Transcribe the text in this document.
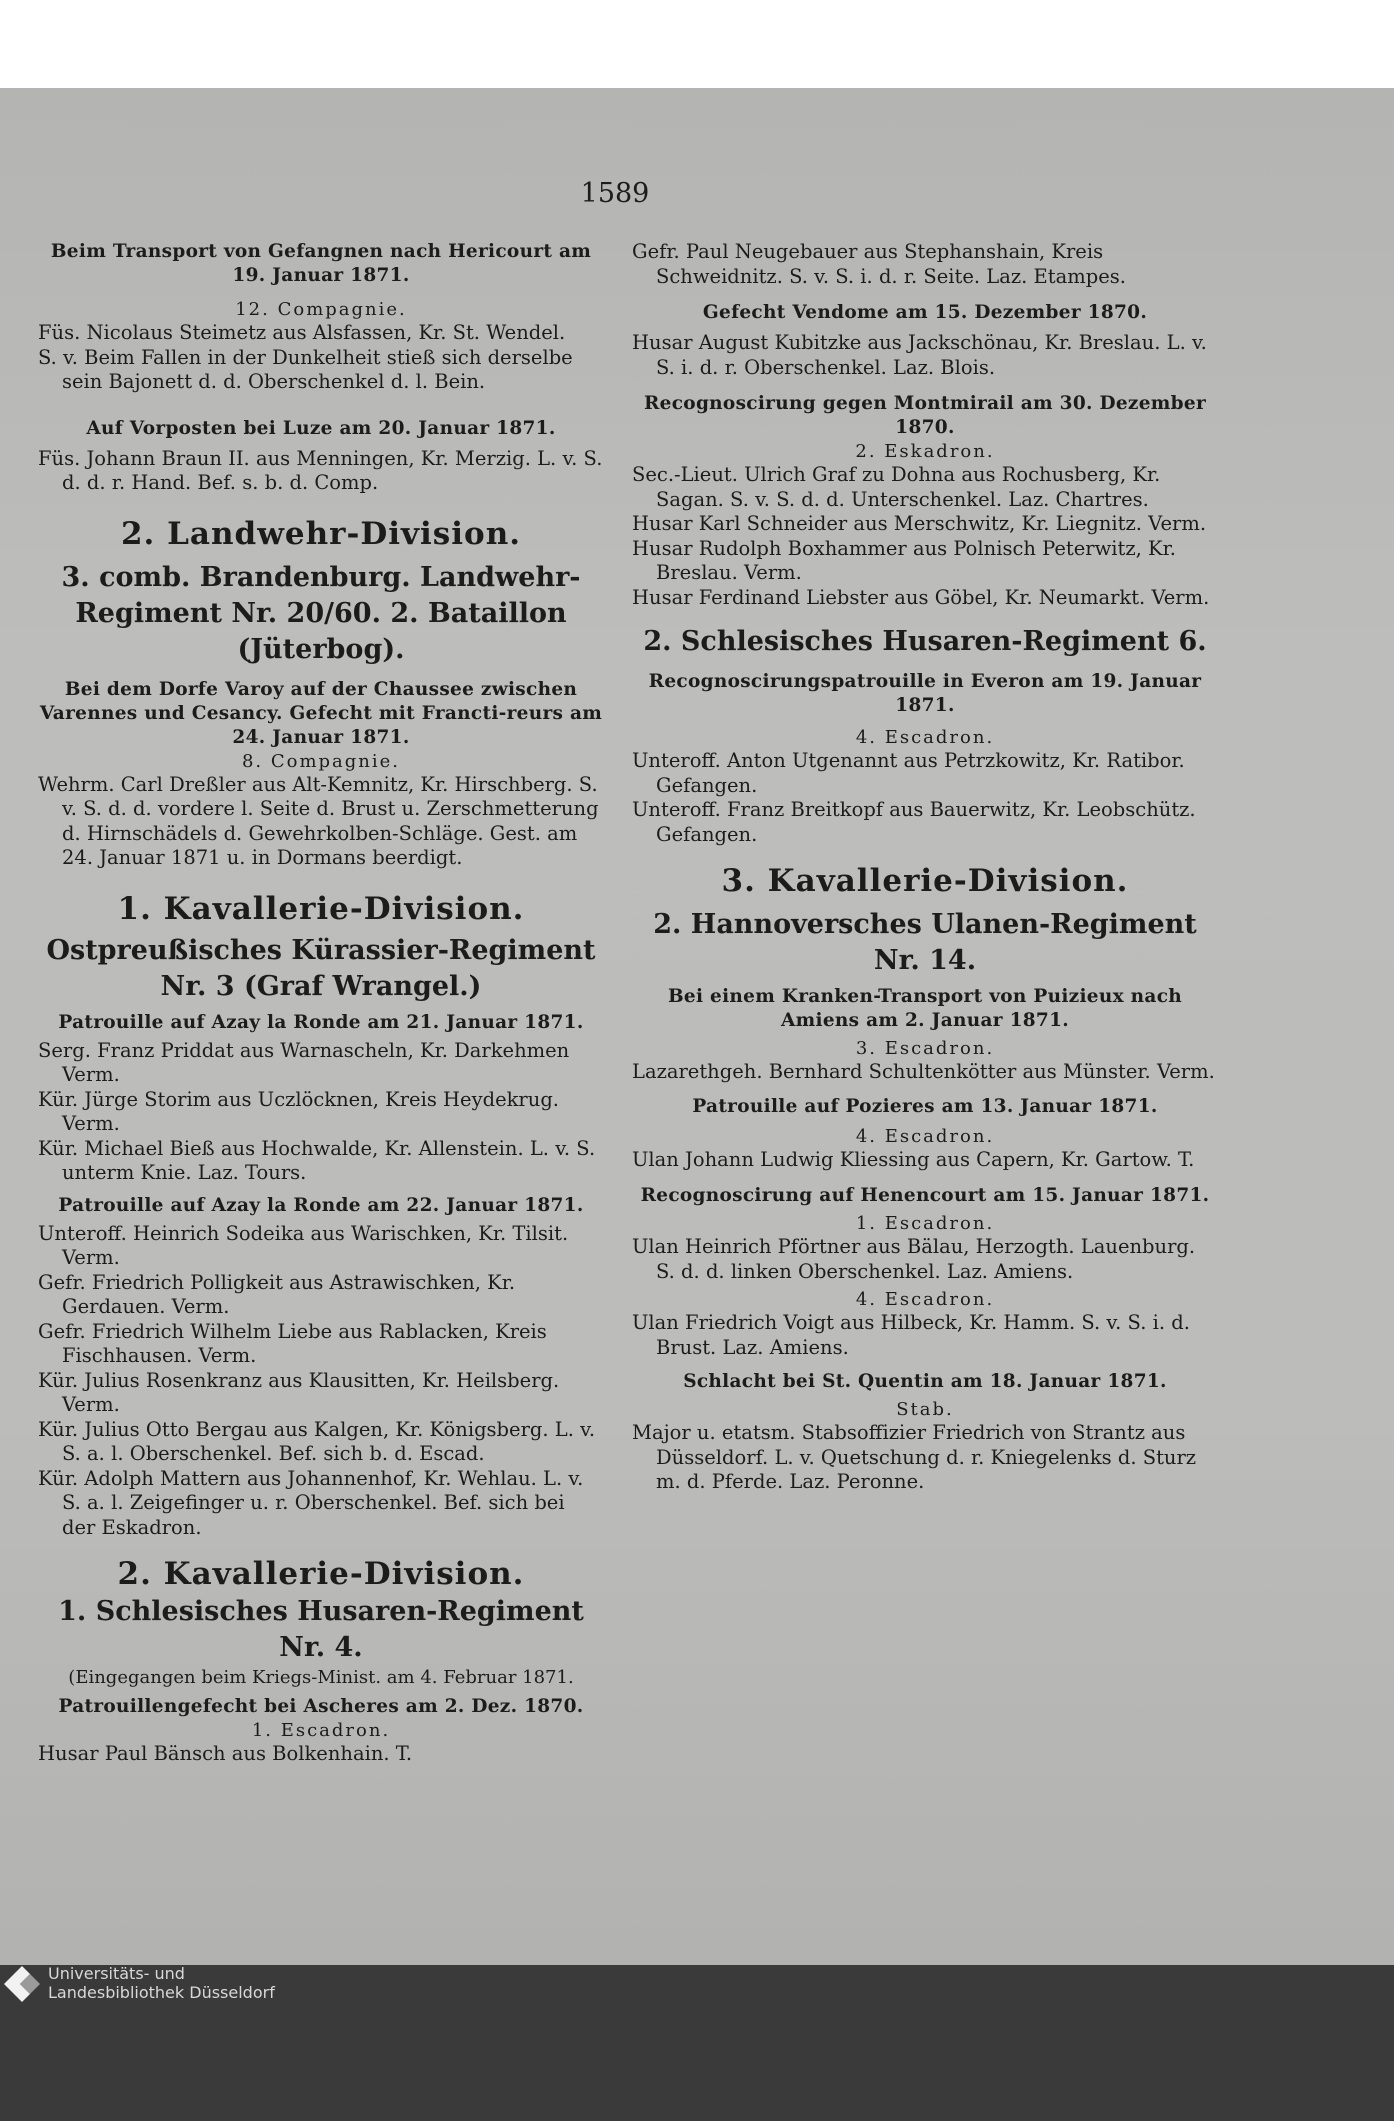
1589

Beim Transport von Gefangnen nach Hericourt am 19. Januar 1871.

12. Compagnie.

Füs. Nicolaus Steimetz aus Alsfassen, Kr. St. Wendel.

S. v. Beim Fallen in der Dunkelheit stieß sich derselbe sein Bajonett d. d. Oberschenkel d. l. Bein.

Auf Vorposten bei Luze am 20. Januar 1871.

Füs. Johann Braun II. aus Menningen, Kr. Merzig. L. v. S. d. d. r. Hand. Bef. s. b. d. Comp.

2. Landwehr-Division.

3. comb. Brandenburg. Landwehr-Regiment Nr. 20/60. 2. Bataillon (Jüterbog).

Bei dem Dorfe Varoy auf der Chaussee zwischen Varennes und Cesancy. Gefecht mit Francti-reurs am 24. Januar 1871.

8. Compagnie.

Wehrm. Carl Dreßler aus Alt-Kemnitz, Kr. Hirschberg. S. v. S. d. d. vordere l. Seite d. Brust u. Zerschmetterung d. Hirnschädels d. Gewehrkolben-Schläge. Gest. am 24. Januar 1871 u. in Dormans beerdigt.

1. Kavallerie-Division.

Ostpreußisches Kürassier-Regiment Nr. 3 (Graf Wrangel.)

Patrouille auf Azay la Ronde am 21. Januar 1871.

Serg. Franz Priddat aus Warnascheln, Kr. Darkehmen Verm.

Kür. Jürge Storim aus Uczlöcknen, Kreis Heydekrug. Verm.

Kür. Michael Bieß aus Hochwalde, Kr. Allenstein. L. v. S. unterm Knie. Laz. Tours.

Patrouille auf Azay la Ronde am 22. Januar 1871.

Unteroff. Heinrich Sodeika aus Warischken, Kr. Tilsit. Verm.

Gefr. Friedrich Polligkeit aus Astrawischken, Kr. Gerdauen. Verm.

Gefr. Friedrich Wilhelm Liebe aus Rablacken, Kreis Fischhausen. Verm.

Kür. Julius Rosenkranz aus Klausitten, Kr. Heilsberg. Verm.

Kür. Julius Otto Bergau aus Kalgen, Kr. Königsberg. L. v. S. a. l. Oberschenkel. Bef. sich b. d. Escad.

Kür. Adolph Mattern aus Johannenhof, Kr. Wehlau. L. v. S. a. l. Zeigefinger u. r. Oberschenkel. Bef. sich bei der Eskadron.

2. Kavallerie-Division.

1. Schlesisches Husaren-Regiment Nr. 4.

(Eingegangen beim Kriegs-Minist. am 4. Februar 1871.

Patrouillengefecht bei Ascheres am 2. Dez. 1870.

1. Escadron.

Husar Paul Bänsch aus Bolkenhain. T.

Gefr. Paul Neugebauer aus Stephanshain, Kreis Schweidnitz. S. v. S. i. d. r. Seite. Laz. Etampes.

Gefecht Vendome am 15. Dezember 1870.

Husar August Kubitzke aus Jackschönau, Kr. Breslau. L. v. S. i. d. r. Oberschenkel. Laz. Blois.

Recognoscirung gegen Montmirail am 30. Dezember 1870.

2. Eskadron.

Sec.-Lieut. Ulrich Graf zu Dohna aus Rochusberg, Kr. Sagan. S. v. S. d. d. Unterschenkel. Laz. Chartres.

Husar Karl Schneider aus Merschwitz, Kr. Liegnitz. Verm.

Husar Rudolph Boxhammer aus Polnisch Peterwitz, Kr. Breslau. Verm.

Husar Ferdinand Liebster aus Göbel, Kr. Neumarkt. Verm.

2. Schlesisches Husaren-Regiment 6.

Recognoscirungspatrouille in Everon am 19. Januar 1871.

4. Escadron.

Unteroff. Anton Utgenannt aus Petrzkowitz, Kr. Ratibor. Gefangen.

Unteroff. Franz Breitkopf aus Bauerwitz, Kr. Leobschütz. Gefangen.

3. Kavallerie-Division.

2. Hannoversches Ulanen-Regiment Nr. 14.

Bei einem Kranken-Transport von Puizieux nach Amiens am 2. Januar 1871.

3. Escadron.

Lazarethgeh. Bernhard Schultenkötter aus Münster. Verm.

Patrouille auf Pozieres am 13. Januar 1871.

4. Escadron.

Ulan Johann Ludwig Kliessing aus Capern, Kr. Gartow. T.

Recognoscirung auf Henencourt am 15. Januar 1871.

1. Escadron.

Ulan Heinrich Pförtner aus Bälau, Herzogth. Lauenburg. S. d. d. linken Oberschenkel. Laz. Amiens.

4. Escadron.

Ulan Friedrich Voigt aus Hilbeck, Kr. Hamm. S. v. S. i. d. Brust. Laz. Amiens.

Schlacht bei St. Quentin am 18. Januar 1871.

Stab.

Major u. etatsm. Stabsoffizier Friedrich von Strantz aus Düsseldorf. L. v. Quetschung d. r. Kniegelenks d. Sturz m. d. Pferde. Laz. Peronne.

Universitäts- und
Landesbibliothek Düsseldorf
